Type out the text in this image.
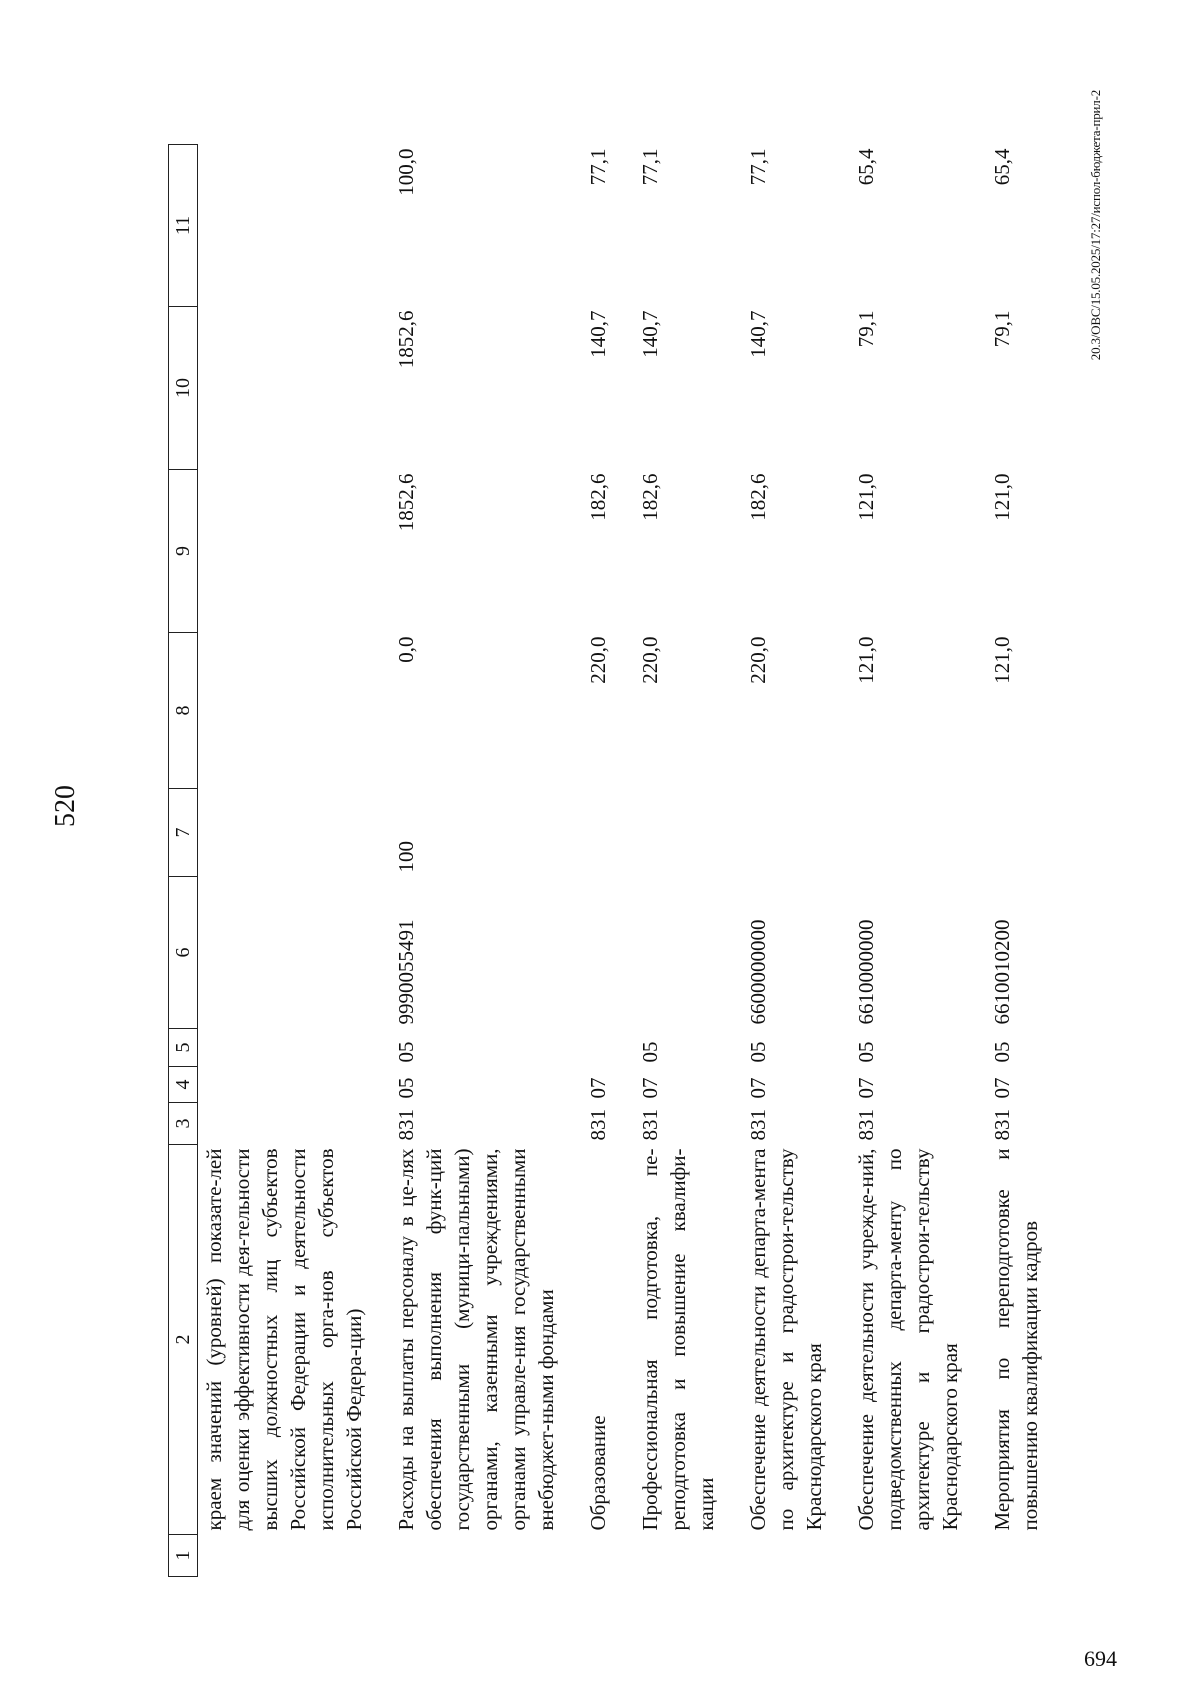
520
1	2	3	4	5	6	7	8	9	10	11
	краем значений (уровней) показате-лей для оценки эффективности дея-тельности высших должностных лиц субъектов Российской Федерации и деятельности исполнительных орга-нов субъектов Российской Федера-ции)									
	Расходы на выплаты персоналу в це-лях обеспечения выполнения функ-ций государственными (муници-пальными) органами, казенными учреждениями, органами управле-ния государственными внебюджет-ными фондами	831	05	05	9990055491	100	0,0	1852,6	1852,6	100,0
	Образование	831	07				220,0	182,6	140,7	77,1
	Профессиональная подготовка, пе-реподготовка и повышение квалифи-кации	831	07	05			220,0	182,6	140,7	77,1
	Обеспечение деятельности департа-мента по архитектуре и градострои-тельству Краснодарского края	831	07	05	6600000000		220,0	182,6	140,7	77,1
	Обеспечение деятельности учрежде-ний, подведомственных департа-менту по архитектуре и градострои-тельству Краснодарского края	831	07	05	6610000000		121,0	121,0	79,1	65,4
	Мероприятия по переподготовке и повышению квалификации кадров	831	07	05	6610010200		121,0	121,0	79,1	65,4	20.3/OBC/15.05.2025/17:27/испол-бюджета-прил-2
694
